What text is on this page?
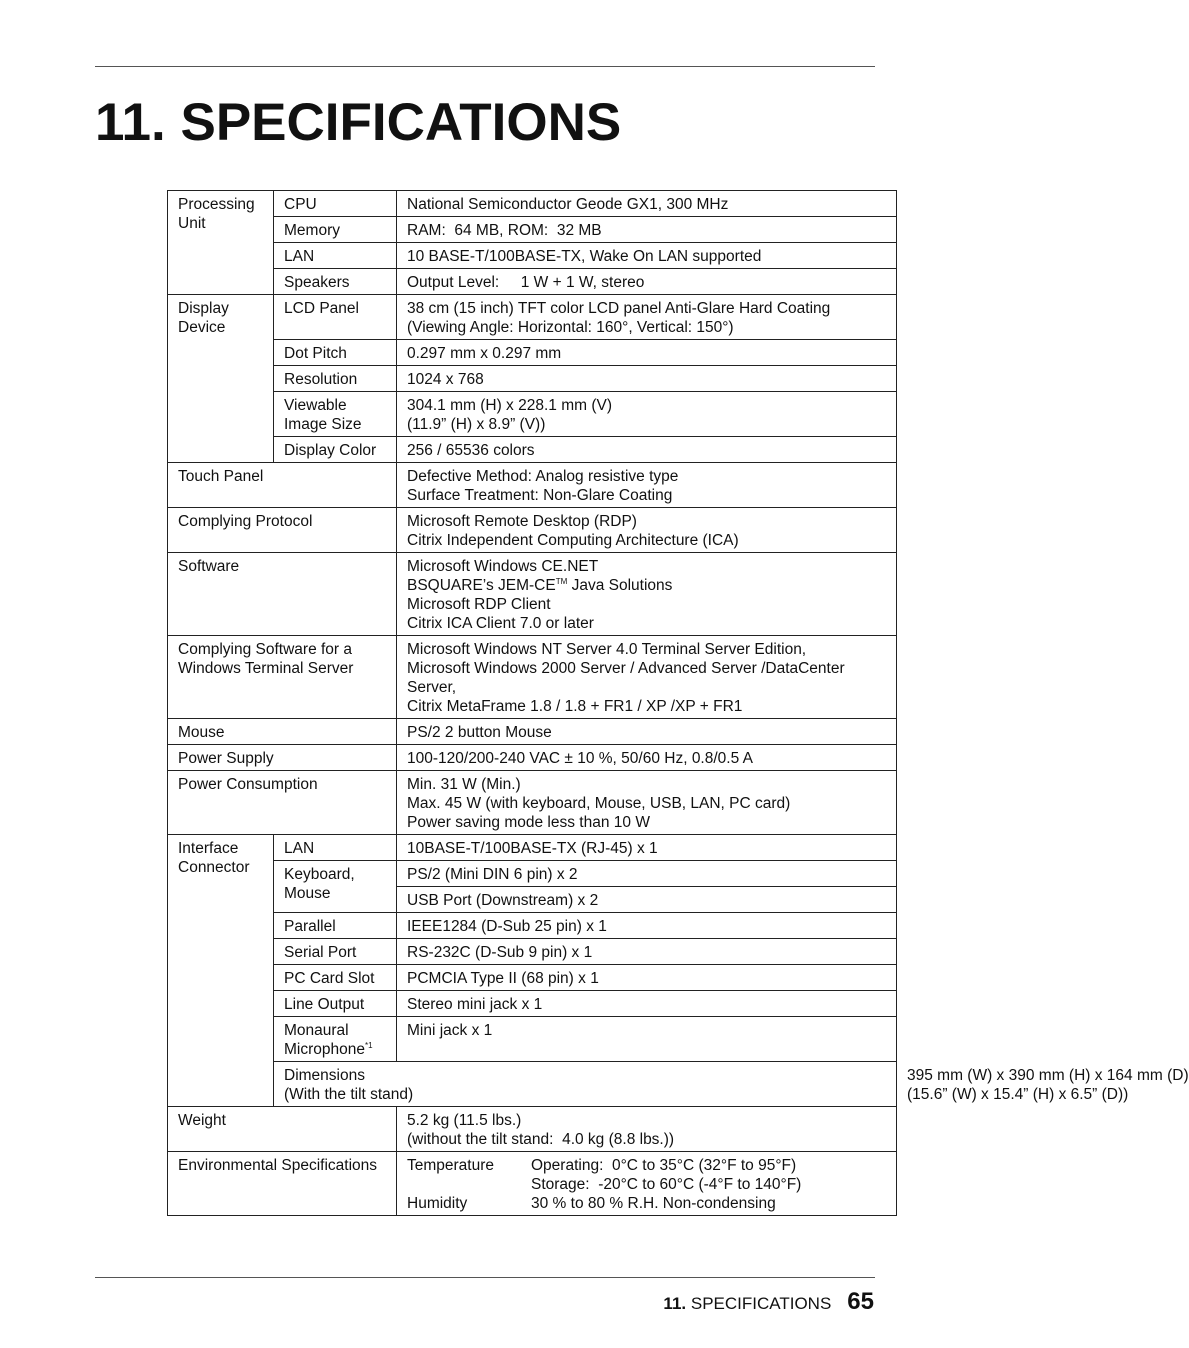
11. SPECIFICATIONS
Processing Unit	CPU	National Semiconductor Geode GX1, 300 MHz	
	Memory	RAM:  64 MB, ROM:  32 MB	
	LAN	10 BASE-T/100BASE-TX, Wake On LAN supported	
	Speakers	Output Level:     1 W + 1 W, stereo	
Display Device	LCD Panel	38 cm (15 inch) TFT color LCD panel Anti-Glare Hard Coating
(Viewing Angle: Horizontal: 160°, Vertical: 150°)	

	Dot Pitch	0.297 mm x 0.297 mm	
	Resolution	1024 x 768	
	Viewable Image Size	304.1 mm (H) x 228.1 mm (V)
(11.9” (H) x 8.9” (V))	

	Display Color	256 / 65536 colors	
Touch Panel		Defective Method: Analog resistive type
Surface Treatment: Non-Glare Coating	

Complying Protocol		Microsoft Remote Desktop (RDP)
Citrix Independent Computing Architecture (ICA)	

Software		Microsoft Windows CE.NET
BSQUARE’s JEM-CE™ Java Solutions
Microsoft RDP Client
Citrix ICA Client 7.0 or later	

Complying Software for a Windows Terminal Server		Microsoft Windows NT Server 4.0 Terminal Server Edition,
Microsoft Windows 2000 Server / Advanced Server /DataCenter Server,
Citrix MetaFrame 1.8 / 1.8 + FR1 / XP /XP + FR1	

Mouse		PS/2 2 button Mouse	
Power Supply		100-120/200-240 VAC ± 10 %, 50/60 Hz, 0.8/0.5 A	
Power Consumption		Min. 31 W (Min.)
Max. 45 W (with keyboard, Mouse, USB, LAN, PC card)
Power saving mode less than 10 W	

Interface Connector	LAN	10BASE-T/100BASE-TX (RJ-45) x 1	
	Keyboard, Mouse	PS/2 (Mini DIN 6 pin) x 2	
		USB Port (Downstream) x 2	
	Parallel	IEEE1284 (D-Sub 25 pin) x 1	
	Serial Port	RS-232C (D-Sub 9 pin) x 1	
	PC Card Slot	PCMCIA Type II (68 pin) x 1	
	Line Output	Stereo mini jack x 1	

	Monaural
Microphone$^{*1}$	Mini jack x 1	

	Dimensions
(With the tilt stand)		395 mm (W) x 390 mm (H) x 164 mm (D)
(15.6” (W) x 15.4” (H) x 6.5” (D))

Weight		5.2 kg (11.5 lbs.)
(without the tilt stand:  4.0 kg (8.8 lbs.))	

Environmental Specifications		Temperature Operating:  0°C to 35°C (32°F to 95°F)
Storage:  -20°C to 60°C (-4°F to 140°F)
Humidity 30 % to 80 % R.H. Non-condensing	
11. SPECIFICATIONS 65
